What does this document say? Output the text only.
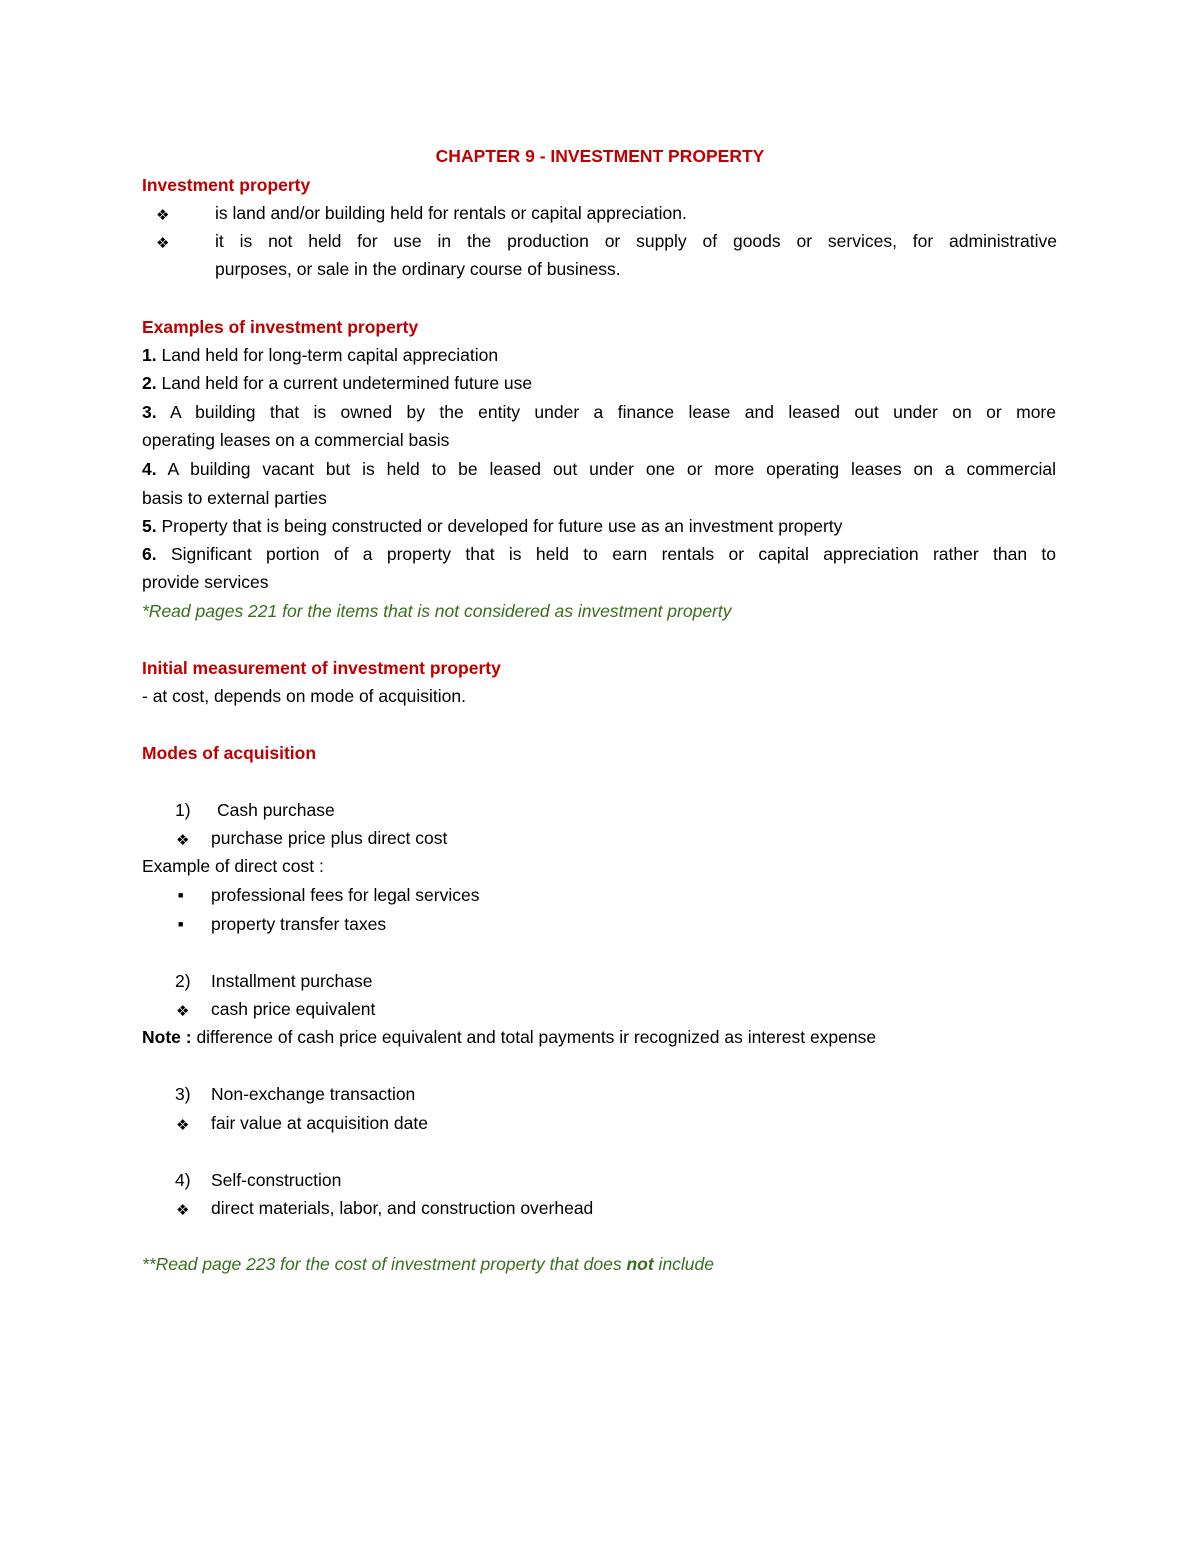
CHAPTER 9 - INVESTMENT PROPERTY
Investment property
❖	is land and/or building held for rentals or capital appreciation.
❖	it is not held for use in the production or supply of goods or services, for administrative
purposes, or sale in the ordinary course of business.
Examples of investment property
1. Land held for long-term capital appreciation
2. Land held for a current undetermined future use
3. A building that is owned by the entity under a finance lease and leased out under on or more
operating leases on a commercial basis
4. A building vacant but is held to be leased out under one or more operating leases on a commercial
basis to external parties
5. Property that is being constructed or developed for future use as an investment property
6. Significant portion of a property that is held to earn rentals or capital appreciation rather than to
provide services
*Read pages 221 for the items that is not considered as investment property
Initial measurement of investment property
- at cost, depends on mode of acquisition.
Modes of acquisition
1) Cash purchase
❖ purchase price plus direct cost
Example of direct cost :
■ professional fees for legal services
■ property transfer taxes
2) Installment purchase
❖ cash price equivalent
Note : difference of cash price equivalent and total payments ir recognized as interest expense
3) Non-exchange transaction
❖ fair value at acquisition date
4) Self-construction
❖ direct materials, labor, and construction overhead
**Read page 223 for the cost of investment property that does not include
